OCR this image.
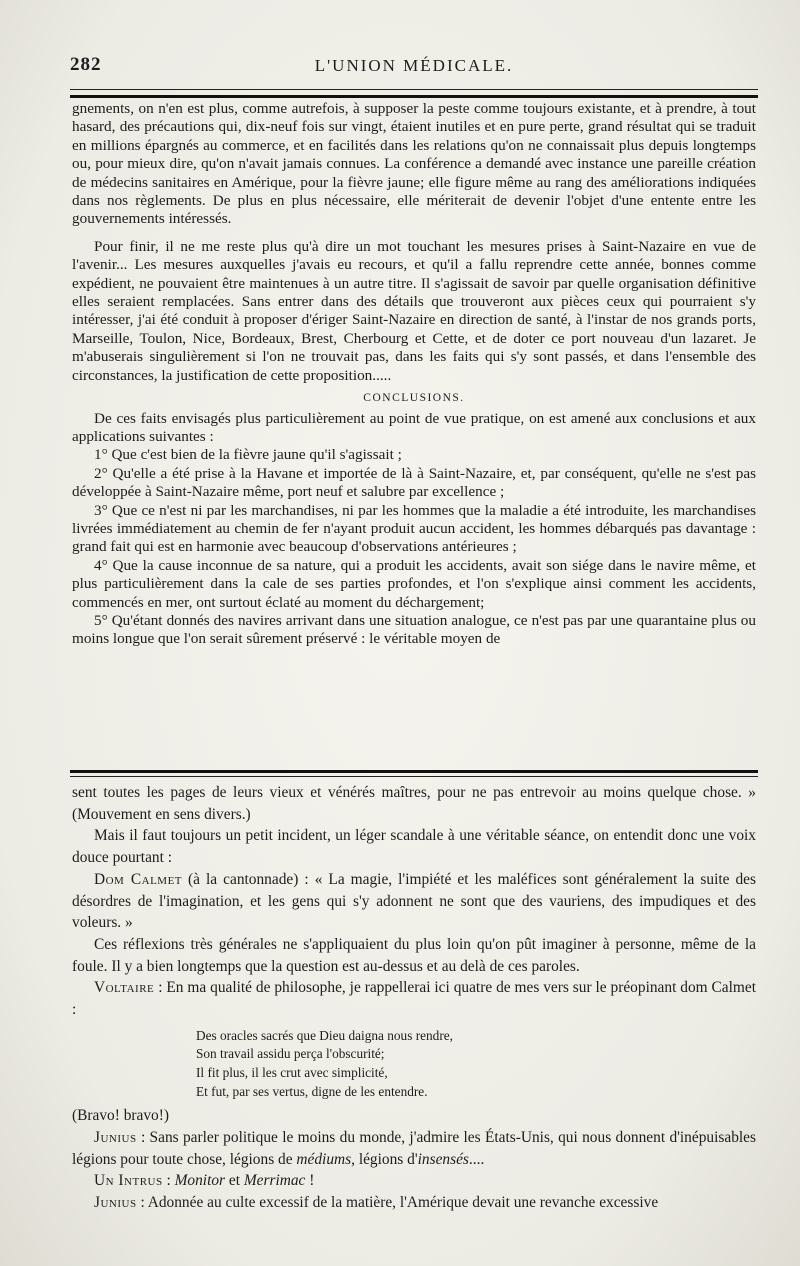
282	L'UNION MÉDICALE.

gnements, on n'en est plus, comme autrefois, à supposer la peste comme toujours existante, et à prendre, à tout hasard, des précautions qui, dix-neuf fois sur vingt, étaient inutiles et en pure perte, grand résultat qui se traduit en millions épargnés au commerce, et en facilités dans les relations qu'on ne connaissait plus depuis longtemps ou, pour mieux dire, qu'on n'avait jamais connues. La conférence a demandé avec instance une pareille création de médecins sanitaires en Amérique, pour la fièvre jaune; elle figure même au rang des améliorations indiquées dans nos règlements. De plus en plus nécessaire, elle mériterait de devenir l'objet d'une entente entre les gouvernements intéressés.

Pour finir, il ne me reste plus qu'à dire un mot touchant les mesures prises à Saint-Nazaire en vue de l'avenir... Les mesures auxquelles j'avais eu recours, et qu'il a fallu reprendre cette année, bonnes comme expédient, ne pouvaient être maintenues à un autre titre. Il s'agissait de savoir par quelle organisation définitive elles seraient remplacées. Sans entrer dans des détails que trouveront aux pièces ceux qui pourraient s'y intéresser, j'ai été conduit à proposer d'ériger Saint-Nazaire en direction de santé, à l'instar de nos grands ports, Marseille, Toulon, Nice, Bordeaux, Brest, Cherbourg et Cette, et de doter ce port nouveau d'un lazaret. Je m'abuserais singulièrement si l'on ne trouvait pas, dans les faits qui s'y sont passés, et dans l'ensemble des circonstances, la justification de cette proposition.....

CONCLUSIONS.

De ces faits envisagés plus particulièrement au point de vue pratique, on est amené aux conclusions et aux applications suivantes :

1° Que c'est bien de la fièvre jaune qu'il s'agissait ;

2° Qu'elle a été prise à la Havane et importée de là à Saint-Nazaire, et, par conséquent, qu'elle ne s'est pas développée à Saint-Nazaire même, port neuf et salubre par excellence ;

3° Que ce n'est ni par les marchandises, ni par les hommes que la maladie a été introduite, les marchandises livrées immédiatement au chemin de fer n'ayant produit aucun accident, les hommes débarqués pas davantage : grand fait qui est en harmonie avec beaucoup d'observations antérieures ;

4° Que la cause inconnue de sa nature, qui a produit les accidents, avait son siége dans le navire même, et plus particulièrement dans la cale de ses parties profondes, et l'on s'explique ainsi comment les accidents, commencés en mer, ont surtout éclaté au moment du déchargement;

5° Qu'étant donnés des navires arrivant dans une situation analogue, ce n'est pas par une quarantaine plus ou moins longue que l'on serait sûrement préservé : le véritable moyen de

sent toutes les pages de leurs vieux et vénérés maîtres, pour ne pas entrevoir au moins quelque chose. » (Mouvement en sens divers.)

Mais il faut toujours un petit incident, un léger scandale à une véritable séance, on entendit donc une voix douce pourtant :

Dom Calmet (à la cantonnade) : « La magie, l'impiété et les maléfices sont généralement la suite des désordres de l'imagination, et les gens qui s'y adonnent ne sont que des vauriens, des impudiques et des voleurs. »

Ces réflexions très générales ne s'appliquaient du plus loin qu'on pût imaginer à personne, même de la foule. Il y a bien longtemps que la question est au-dessus et au delà de ces paroles.

Voltaire : En ma qualité de philosophe, je rappellerai ici quatre de mes vers sur le préopinant dom Calmet :

Des oracles sacrés que Dieu daigna nous rendre,
Son travail assidu perça l'obscurité;
Il fit plus, il les crut avec simplicité,
Et fut, par ses vertus, digne de les entendre.

(Bravo! bravo!)

Junius : Sans parler politique le moins du monde, j'admire les États-Unis, qui nous donnent d'inépuisables légions pour toute chose, légions de médiums, légions d'insensés....

Un Intrus : Monitor et Merrimac !

Junius : Adonnée au culte excessif de la matière, l'Amérique devait une revanche excessive
